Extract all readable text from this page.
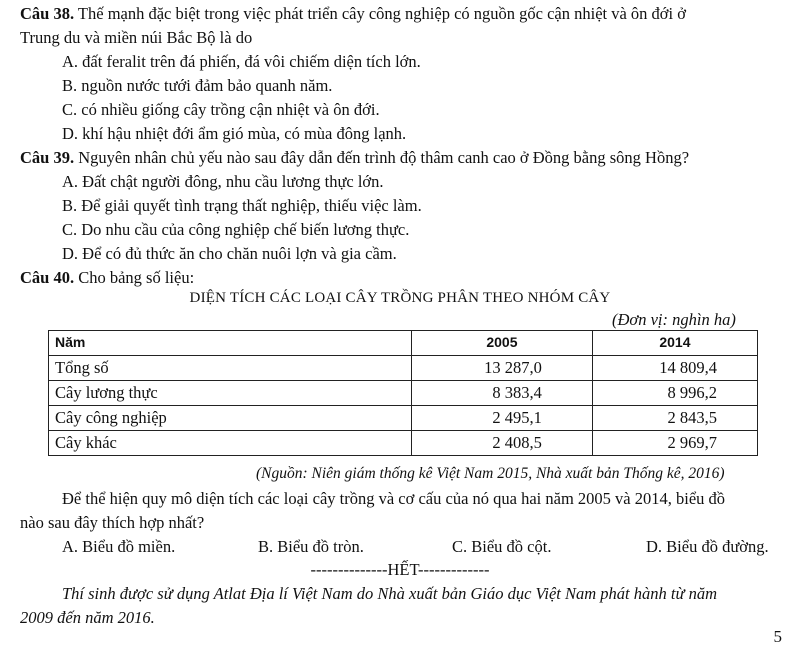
Câu 38. Thế mạnh đặc biệt trong việc phát triển cây công nghiệp có nguồn gốc cận nhiệt và ôn đới ở
Trung du và miền núi Bắc Bộ là do
A. đất feralit trên đá phiến, đá vôi chiếm diện tích lớn.
B. nguồn nước tưới đảm bảo quanh năm.
C. có nhiều giống cây trồng cận nhiệt và ôn đới.
D. khí hậu nhiệt đới ẩm gió mùa, có mùa đông lạnh.
Câu 39. Nguyên nhân chủ yếu nào sau đây dẫn đến trình độ thâm canh cao ở Đồng bằng sông Hồng?
A. Đất chật người đông, nhu cầu lương thực lớn.
B. Để giải quyết tình trạng thất nghiệp, thiếu việc làm.
C. Do nhu cầu của công nghiệp chế biến lương thực.
D. Để có đủ thức ăn cho chăn nuôi lợn và gia cầm.
Câu 40. Cho bảng số liệu:
DIỆN TÍCH CÁC LOẠI CÂY TRỒNG PHÂN THEO NHÓM CÂY
(Đơn vị: nghìn ha)
Năm	2005	2014
Tổng số	13 287,0	14 809,4
Cây lương thực	8 383,4	8 996,2
Cây công nghiệp	2 495,1	2 843,5
Cây khác	2 408,5	2 969,7
(Nguồn: Niên giám thống kê Việt Nam 2015, Nhà xuất bản Thống kê, 2016)
Để thể hiện quy mô diện tích các loại cây trồng và cơ cấu của nó qua hai năm 2005 và 2014, biểu đồ
nào sau đây thích hợp nhất?
A. Biểu đồ miền.	B. Biểu đồ tròn.	C. Biểu đồ cột.	D. Biểu đồ đường.
--------------HẾT-------------
Thí sinh được sử dụng Atlat Địa lí Việt Nam do Nhà xuất bản Giáo dục Việt Nam phát hành từ năm
2009 đến năm 2016.
5
